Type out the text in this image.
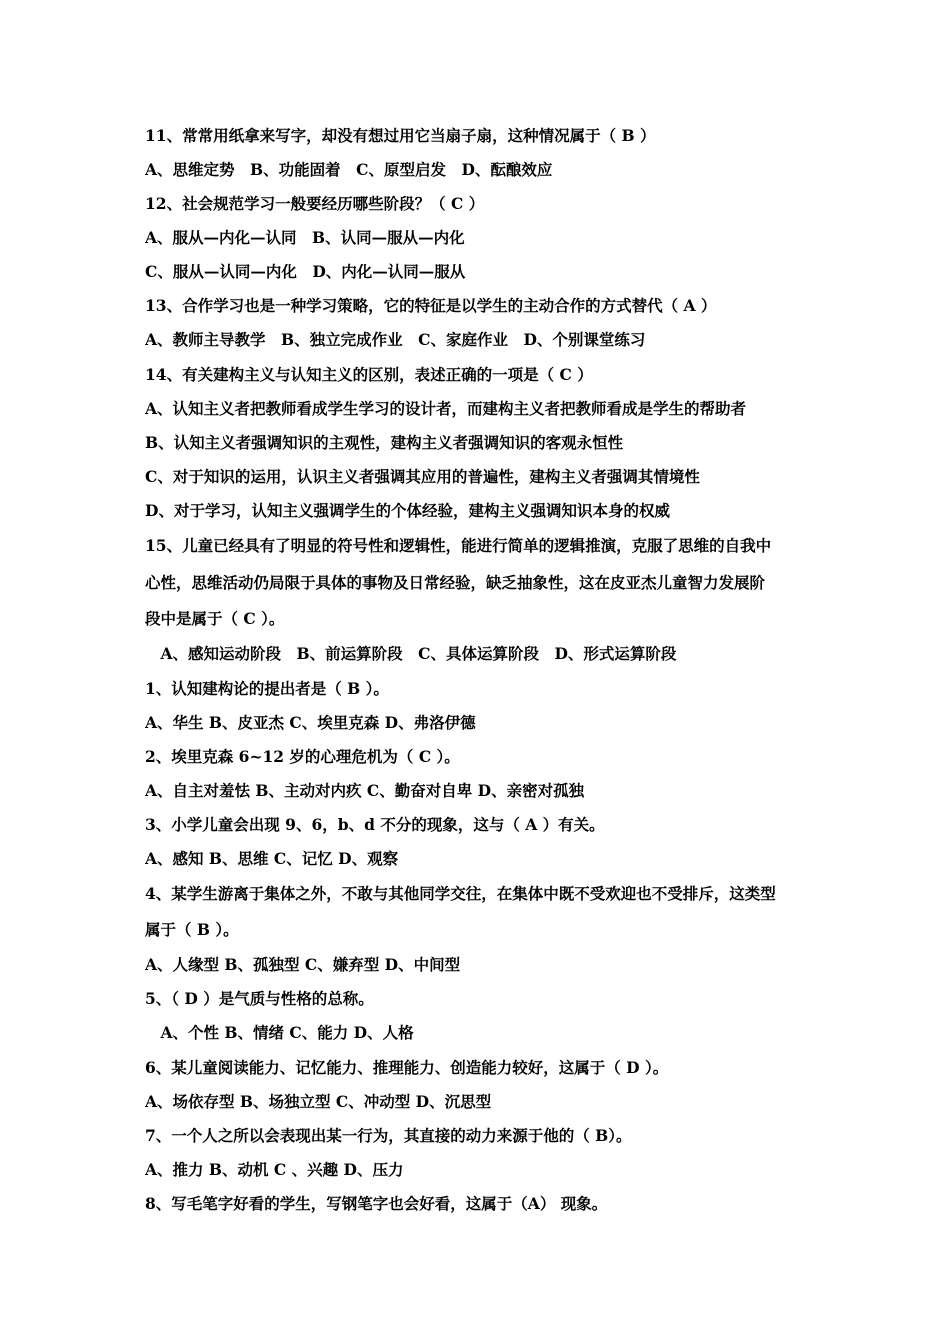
11、常常用纸拿来写字，却没有想过用它当扇子扇，这种情况属于（ B ）
A、思维定势　B、功能固着　C、原型启发　D、酝酿效应
12、社会规范学习一般要经历哪些阶段？（ C ）
A、服从—内化—认同　B、认同—服从—内化
C、服从—认同—内化　D、内化—认同—服从
13、合作学习也是一种学习策略，它的特征是以学生的主动合作的方式替代（ A ）
A、教师主导教学　B、独立完成作业　C、家庭作业　D、个别课堂练习
14、有关建构主义与认知主义的区别，表述正确的一项是（ C ）
A、认知主义者把教师看成学生学习的设计者，而建构主义者把教师看成是学生的帮助者
B、认知主义者强调知识的主观性，建构主义者强调知识的客观永恒性
C、对于知识的运用，认识主义者强调其应用的普遍性，建构主义者强调其情境性
D、对于学习，认知主义强调学生的个体经验，建构主义强调知识本身的权威
15、儿童已经具有了明显的符号性和逻辑性，能进行简单的逻辑推演，克服了思维的自我中
心性，思维活动仍局限于具体的事物及日常经验，缺乏抽象性，这在皮亚杰儿童智力发展阶
段中是属于（ C ）。
　A、感知运动阶段　B、前运算阶段　C、具体运算阶段　D、形式运算阶段
1、认知建构论的提出者是（ B ）。
A、华生 B、皮亚杰 C、埃里克森 D、弗洛伊德
2、埃里克森 6~12 岁的心理危机为（ C ）。
A、自主对羞怯 B、主动对内疚 C、勤奋对自卑 D、亲密对孤独
3、小学儿童会出现 9、6，b、d 不分的现象，这与（ A ）有关。
A、感知 B、思维 C、记忆 D、观察
4、某学生游离于集体之外，不敢与其他同学交往，在集体中既不受欢迎也不受排斥，这类型
属于（ B ）。
A、人缘型 B、孤独型 C、嫌弃型 D、中间型
5、（ D ）是气质与性格的总称。
　A、个性 B、情绪 C、能力 D、人格
6、某儿童阅读能力、记忆能力、推理能力、创造能力较好，这属于（ D ）。
A、场依存型 B、场独立型 C、冲动型 D、沉思型
7、一个人之所以会表现出某一行为，其直接的动力来源于他的（ B）。
A、推力 B、动机 C 、兴趣 D、压力
8、写毛笔字好看的学生，写钢笔字也会好看，这属于（A） 现象。
